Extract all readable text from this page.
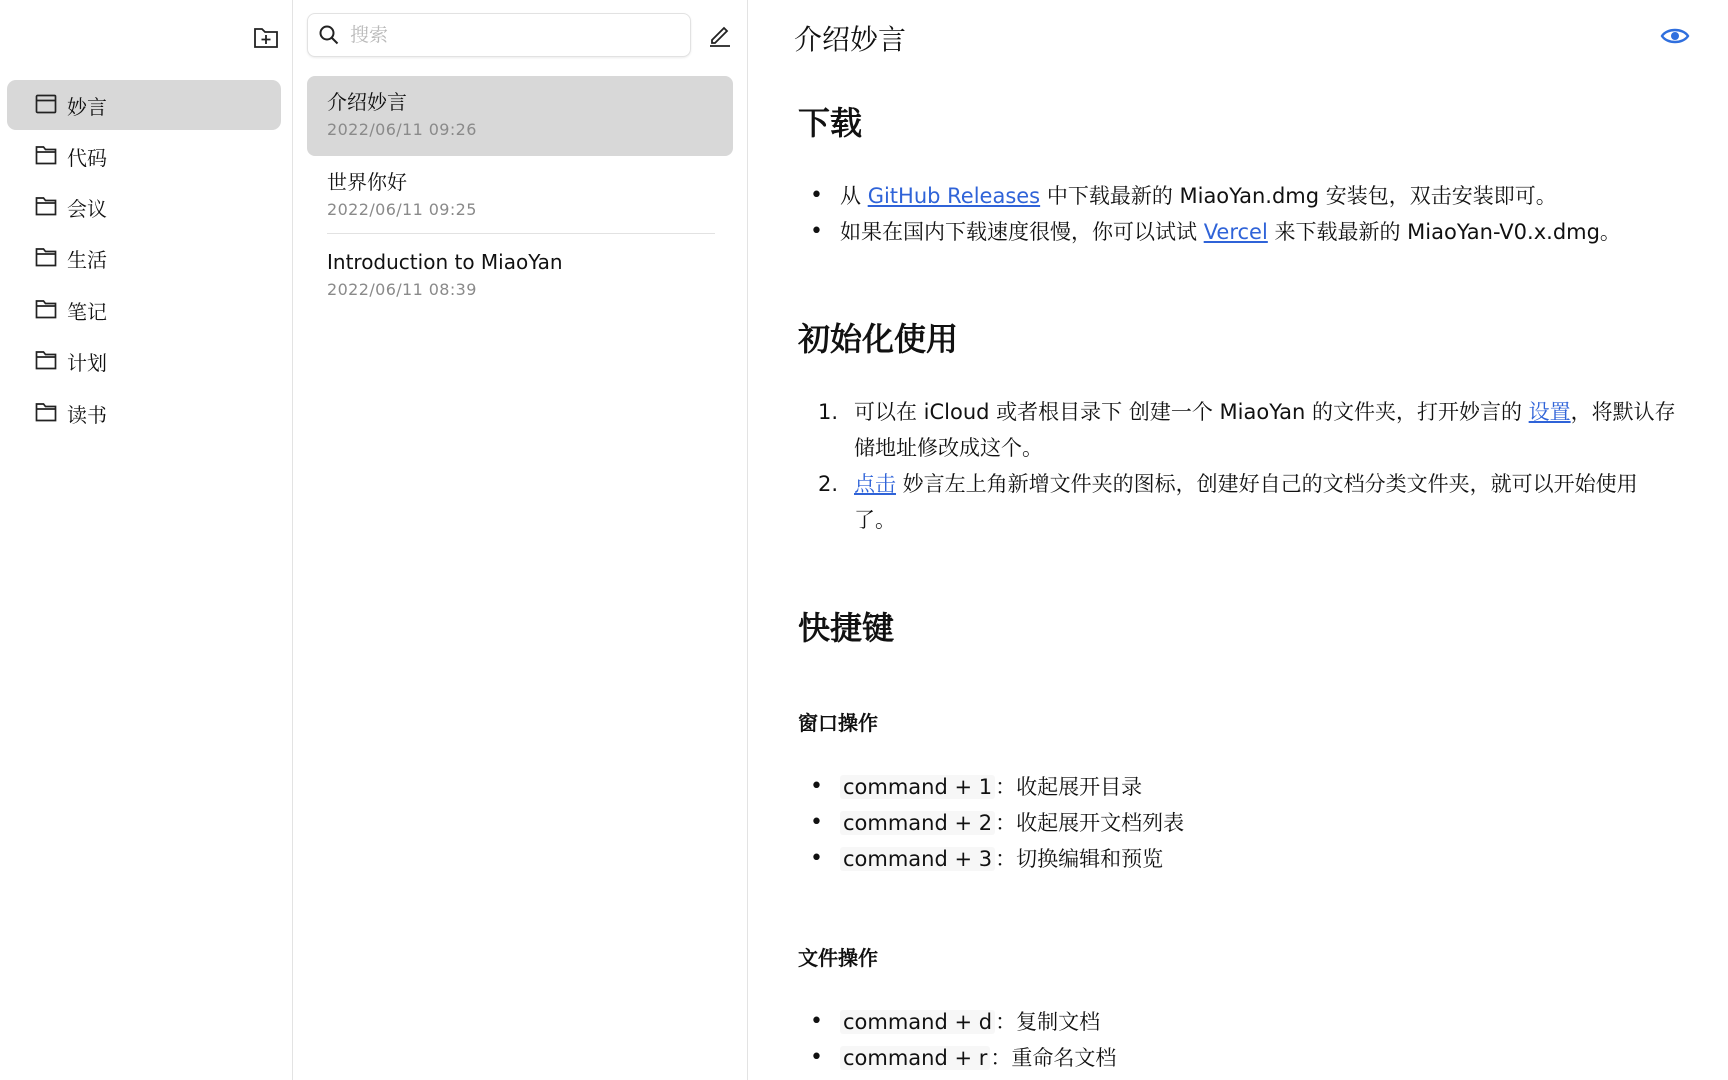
妙言
代码
会议
生活
笔记
计划
读书
搜索
介绍妙言
2022/06/11 09:26
世界你好
2022/06/11 09:25
Introduction to MiaoYan
2022/06/11 08:39
介绍妙言
下载
• 从 GitHub Releases 中下载最新的 MiaoYan.dmg 安装包，双击安装即可。
• 如果在国内下载速度很慢，你可以试试 Vercel 来下载最新的 MiaoYan-V0.x.dmg。
初始化使用
1. 可以在 iCloud 或者根目录下 创建一个 MiaoYan 的文件夹，打开妙言的 设置，将默认存储地址修改成这个。
2. 点击 妙言左上角新增文件夹的图标，创建好自己的文档分类文件夹，就可以开始使用了。
快捷键
窗口操作
• command + 1 ：收起展开目录
• command + 2 ：收起展开文档列表
• command + 3 ：切换编辑和预览
文件操作
• command + d ：复制文档
• command + r ：重命名文档
